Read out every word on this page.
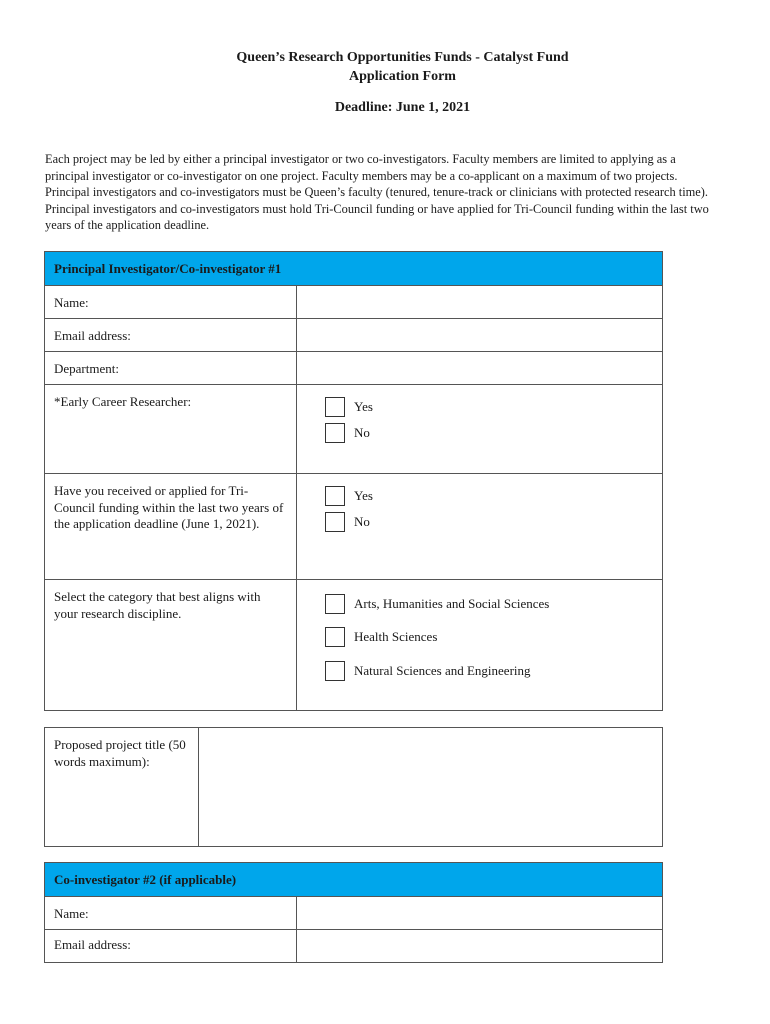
Queen’s Research Opportunities Funds - Catalyst Fund
Application Form
Deadline: June 1, 2021
Each project may be led by either a principal investigator or two co-investigators. Faculty members are limited to applying as a principal investigator or co-investigator on one project. Faculty members may be a co-applicant on a maximum of two projects. Principal investigators and co-investigators must be Queen’s faculty (tenured, tenure-track or clinicians with protected research time). Principal investigators and co-investigators must hold Tri-Council funding or have applied for Tri-Council funding within the last two years of the application deadline.
Principal Investigator/Co-investigator #1
Name:
Email address:
Department:
*Early Career Researcher:	Yes
No
Have you received or applied for Tri-Council funding within the last two years of the application deadline (June 1, 2021).
Yes
No
Select the category that best aligns with your research discipline.
Arts, Humanities and Social Sciences
Health Sciences
Natural Sciences and Engineering
Proposed project title (50 words maximum):
Co-investigator #2 (if applicable)
Name:
Email address:
